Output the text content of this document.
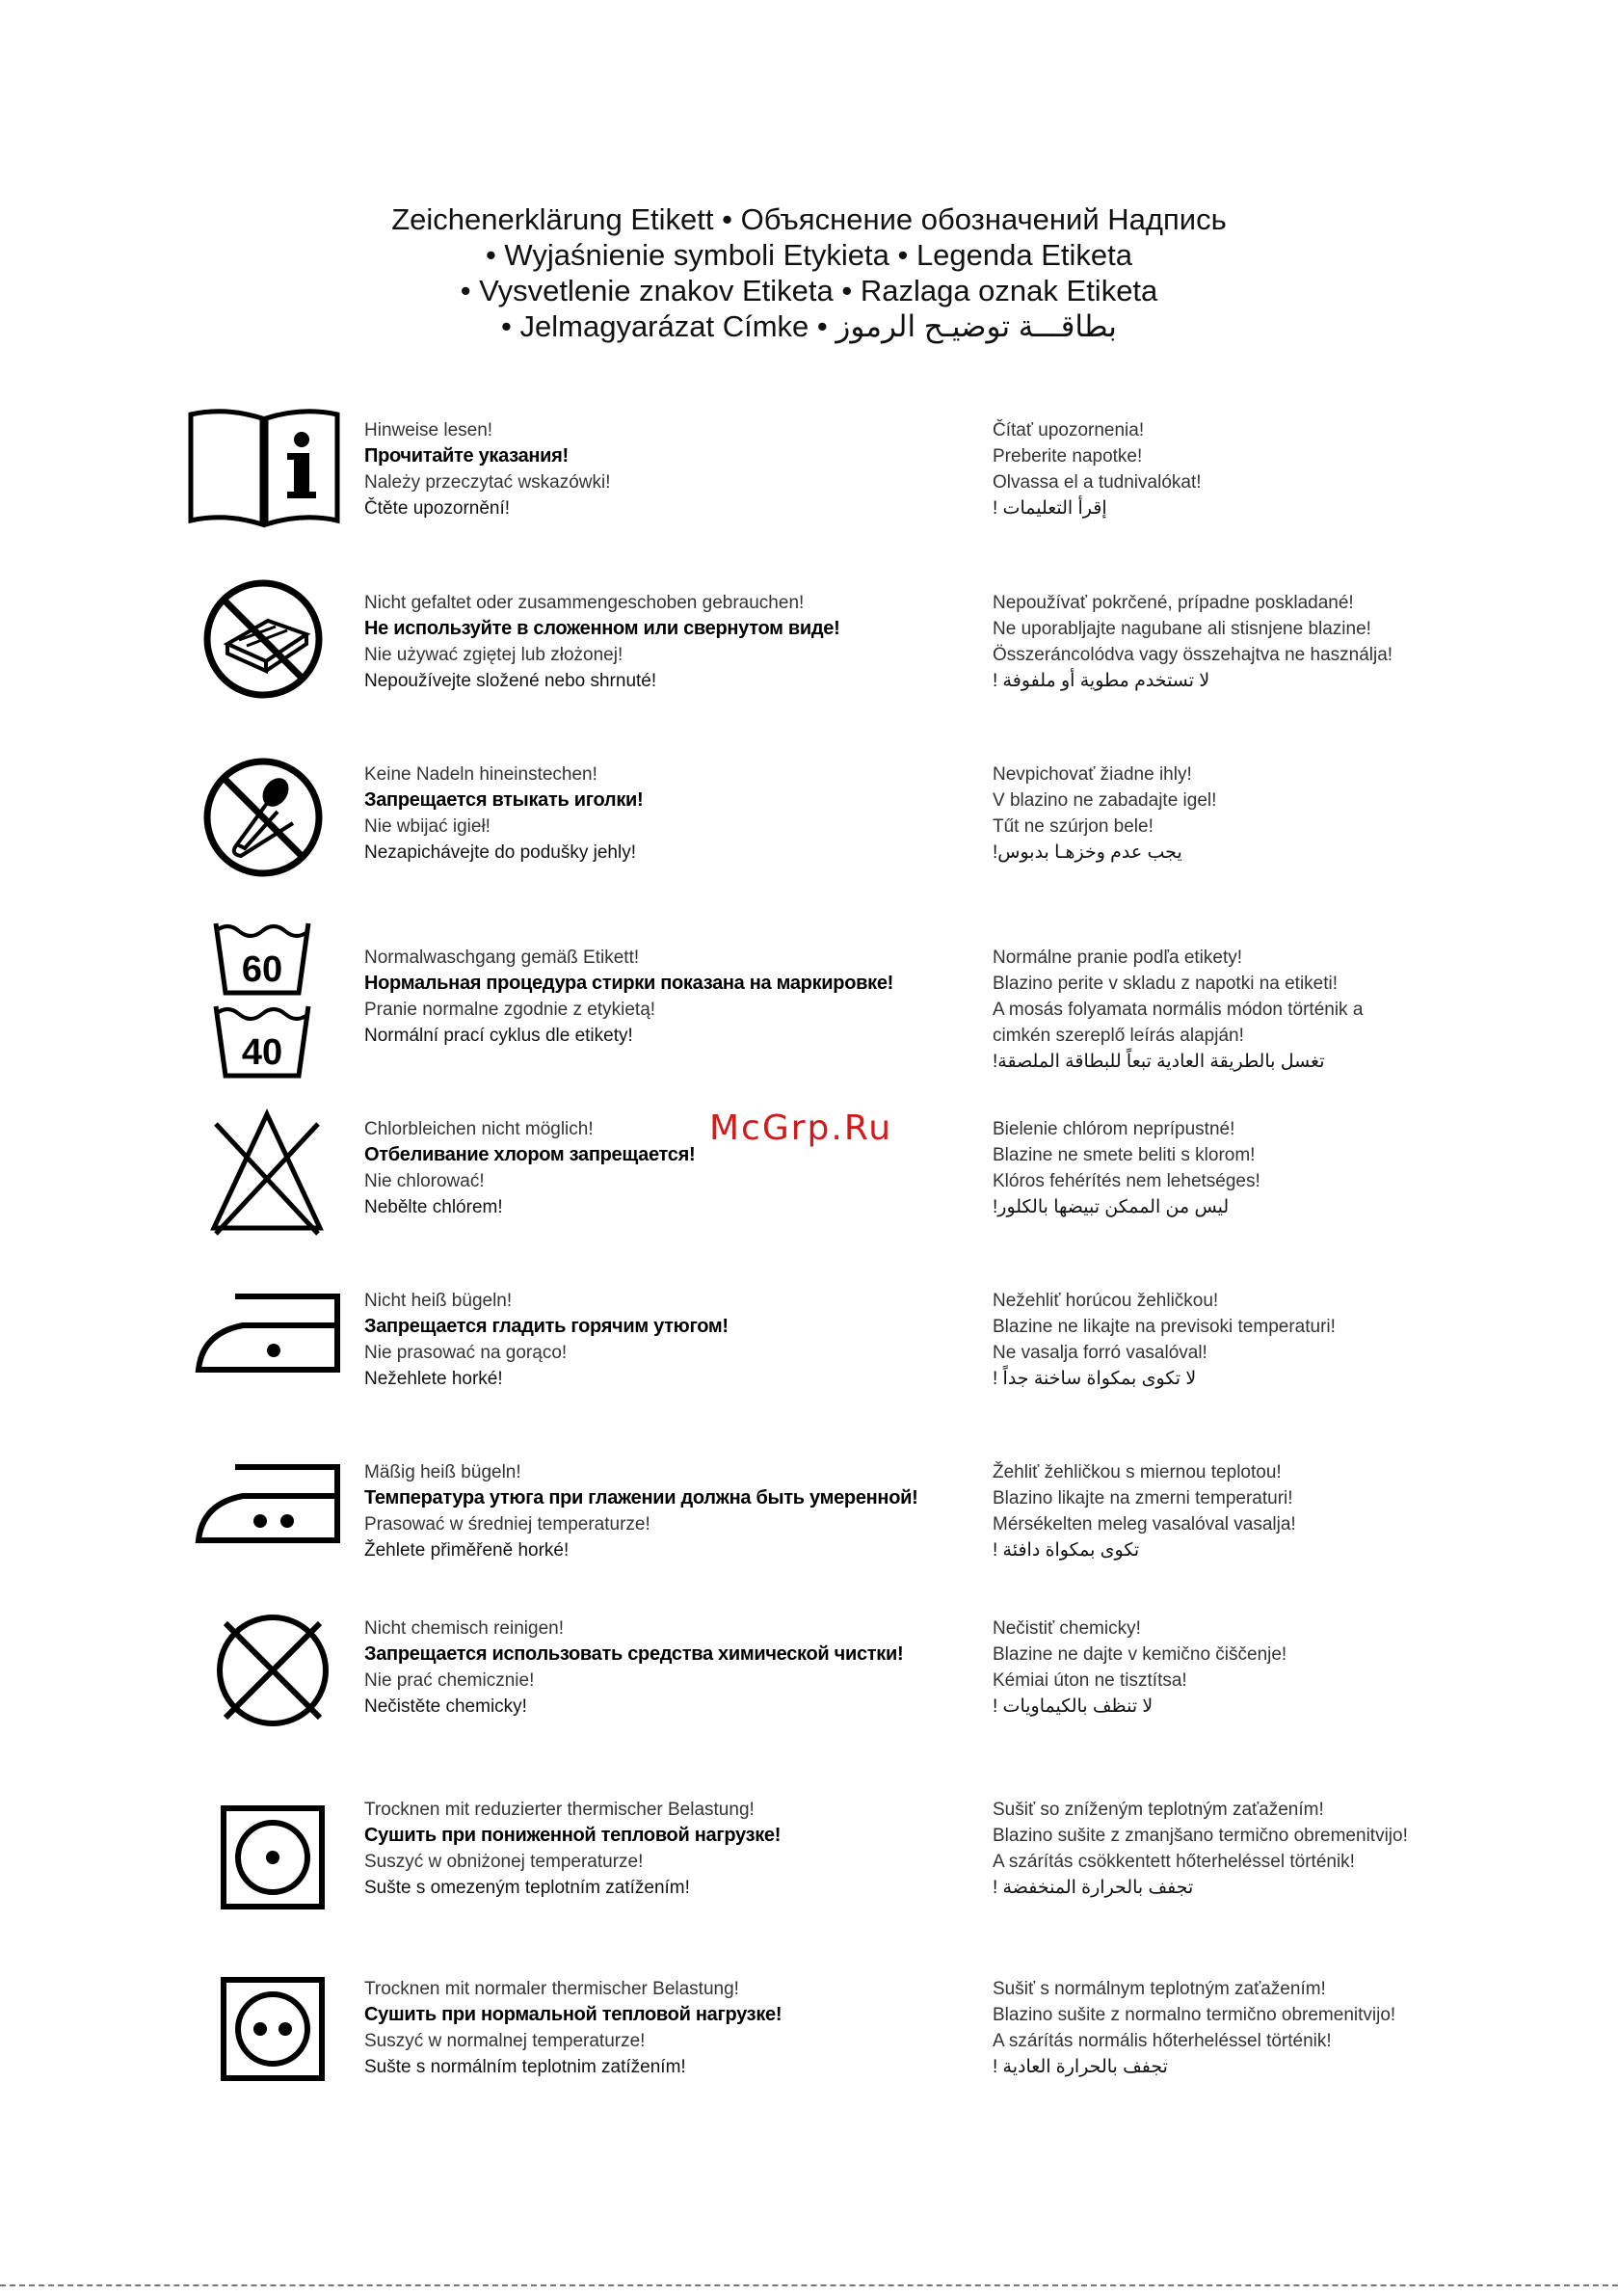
Zeichenerklärung Etikett • Объяснение обозначений Надпись
• Wyjaśnienie symboli Etykieta • Legenda Etiketa
• Vysvetlenie znakov Etiketa • Razlaga oznak Etiketa
• Jelmagyarázat Címke • بطاقـــة توضيـح الرموز
60
40
Hinweise lesen!
Прочитайте указания!
Należy przeczytać wskazówki!
Čtěte upozornění!
Nicht gefaltet oder zusammengeschoben gebrauchen!
Не используйте в сложенном или свернутом виде!
Nie używać zgiętej lub złożonej!
Nepoužívejte složené nebo shrnuté!
Keine Nadeln hineinstechen!
Запрещается втыкать иголки!
Nie wbijać igieł!
Nezapichávejte do podušky jehly!
Normalwaschgang gemäß Etikett!
Нормальная процедура стирки показана на маркировке!
Pranie normalne zgodnie z etykietą!
Normální prací cyklus dle etikety!
Chlorbleichen nicht möglich!
Отбеливание хлором запрещается!
Nie chlorować!
Nebělte chlórem!
Nicht heiß bügeln!
Запрещается гладить горячим утюгом!
Nie prasować na gorąco!
Nežehlete horké!
Mäßig heiß bügeln!
Температура утюга при глажении должна быть умеренной!
Prasować w średniej temperaturze!
Žehlete přiměřeně horké!
Nicht chemisch reinigen!
Запрещается использовать средства химической чистки!
Nie prać chemicznie!
Nečistěte chemicky!
Trocknen mit reduzierter thermischer Belastung!
Сушить при пониженной тепловой нагрузке!
Suszyć w obniżonej temperaturze!
Sušte s omezeným teplotním zatížením!
Trocknen mit normaler thermischer Belastung!
Сушить при нормальной тепловой нагрузке!
Suszyć w normalnej temperaturze!
Sušte s normálním teplotnim zatížením!
Čítať upozornenia!
Preberite napotke!
Olvassa el a tudnivalókat!
إقرأ التعليمات !
Nepoužívať pokrčené, prípadne poskladané!
Ne uporabljajte nagubane ali stisnjene blazine!
Összeráncolódva vagy összehajtva ne használja!
لا تستخدم مطوية أو ملفوفة !
Nevpichovať žiadne ihly!
V blazino ne zabadajte igel!
Tűt ne szúrjon bele!
يجب عدم وخزهـا بدبوس!
Normálne pranie podľa etikety!
Blazino perite v skladu z napotki na etiketi!
A mosás folyamata normális módon történik a
cimkén szereplő leírás alapján!
تغسل بالطريقة العادية تبعاً للبطاقة الملصقة!
Bielenie chlórom neprípustné!
Blazine ne smete beliti s klorom!
Klóros fehérítés nem lehetséges!
ليس من الممكن تبيضها بالكلور!
Nežehliť horúcou žehličkou!
Blazine ne likajte na previsoki temperaturi!
Ne vasalja forró vasalóval!
لا تكوى بمكواة ساخنة جداً !
Žehliť žehličkou s miernou teplotou!
Blazino likajte na zmerni temperaturi!
Mérsékelten meleg vasalóval vasalja!
تكوى بمكواة دافئة !
Nečistiť chemicky!
Blazine ne dajte v kemično čiščenje!
Kémiai úton ne tisztítsa!
لا تنظف بالكيماويات !
Sušiť so zníženým teplotným zaťažením!
Blazino sušite z zmanjšano termično obremenitvijo!
A szárítás csökkentett hőterheléssel történik!
تجفف بالحرارة المنخفضة !
Sušiť s normálnym teplotným zaťažením!
Blazino sušite z normalno termično obremenitvijo!
A szárítás normális hőterheléssel történik!
تجفف بالحرارة العادية !
McGrp.Ru
